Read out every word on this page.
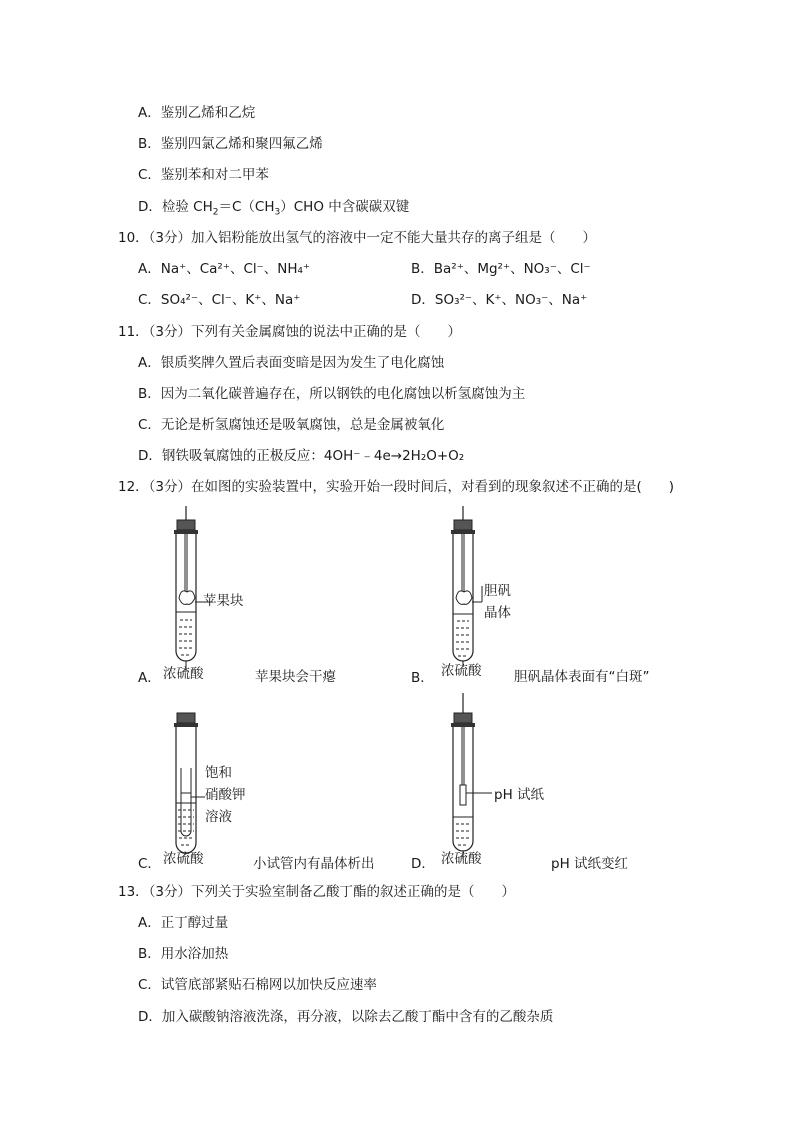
A．鉴别乙烯和乙烷
B．鉴别四氯乙烯和聚四氟乙烯
C．鉴别苯和对二甲苯
D．检验 $CH_2=C(CH_3)CHO$ 中含碳碳双键
10．（3分）加入铝粉能放出氢气的溶液中一定不能大量共存的离子组是（　　）
A．Na⁺、Ca²⁺、Cl⁻、NH₄⁺	B．Ba²⁺、Mg²⁺、NO₃⁻、Cl⁻
C．SO₄²⁻、Cl⁻、K⁺、Na⁺	D．SO₃²⁻、K⁺、NO₃⁻、Na⁺
11．（3分）下列有关金属腐蚀的说法中正确的是（　　）
A．银质奖牌久置后表面变暗是因为发生了电化腐蚀
B．因为二氧化碳普遍存在，所以钢铁的电化腐蚀以析氢腐蚀为主
C．无论是析氢腐蚀还是吸氧腐蚀，总是金属被氧化
D．钢铁吸氧腐蚀的正极反应：4OH⁻﹣4e→2H₂O+O₂
12．（3分）在如图的实验装置中，实验开始一段时间后，对看到的现象叙述不正确的是(　　)
苹果块
A． 浓硫酸	苹果块会干瘪
胆矾
晶体
B． 浓硫酸 胆矾晶体表面有“白斑”
饱和
硝酸钾
溶液
C． 浓硫酸	小试管内有晶体析出
pH 试纸
D． 浓硫酸	pH 试纸变红
13．（3分）下列关于实验室制备乙酸丁酯的叙述正确的是（　　）
A．正丁醇过量
B．用水浴加热
C．试管底部紧贴石棉网以加快反应速率
D．加入碳酸钠溶液洗涤，再分液，以除去乙酸丁酯中含有的乙酸杂质
